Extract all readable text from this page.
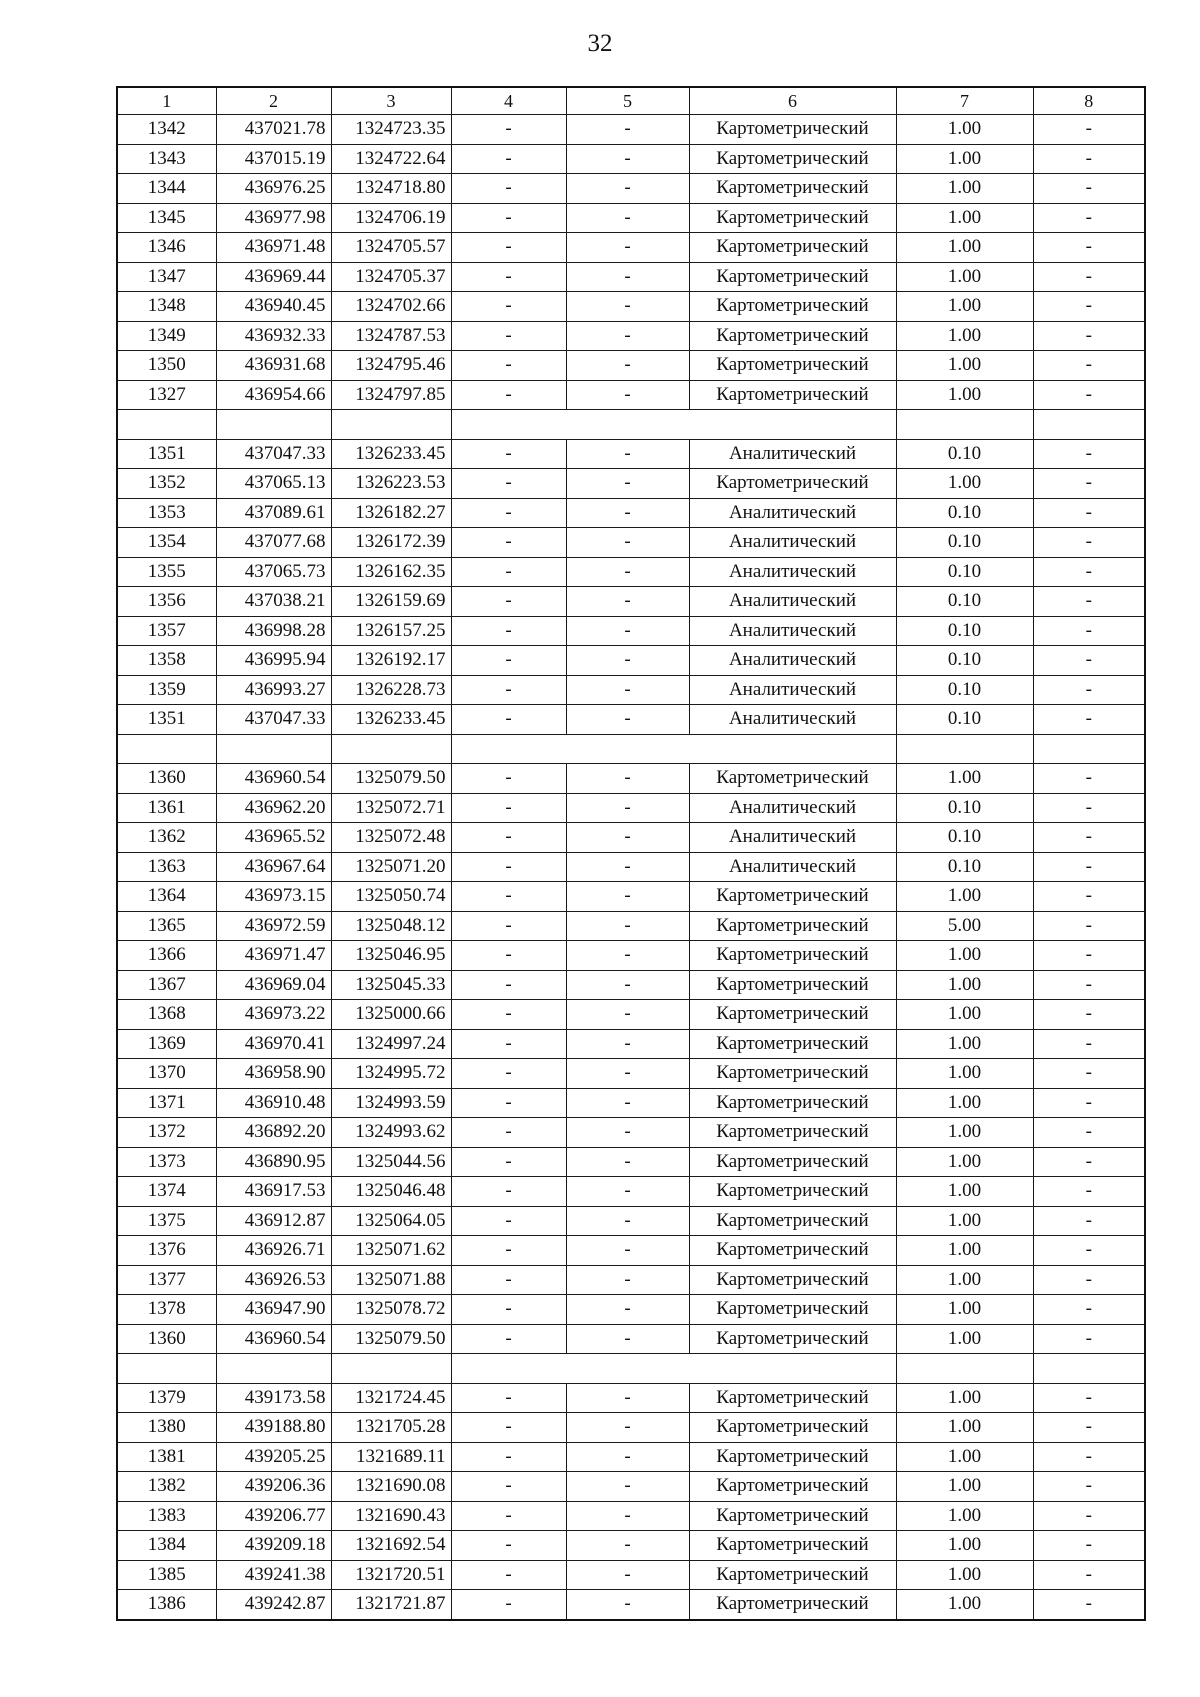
32
1	2	3	4	5	6	7	8
1342	437021.78	1324723.35	-	-	Картометрический	1.00	-
1343	437015.19	1324722.64	-	-	Картометрический	1.00	-
1344	436976.25	1324718.80	-	-	Картометрический	1.00	-
1345	436977.98	1324706.19	-	-	Картометрический	1.00	-
1346	436971.48	1324705.57	-	-	Картометрический	1.00	-
1347	436969.44	1324705.37	-	-	Картометрический	1.00	-
1348	436940.45	1324702.66	-	-	Картометрический	1.00	-
1349	436932.33	1324787.53	-	-	Картометрический	1.00	-
1350	436931.68	1324795.46	-	-	Картометрический	1.00	-
1327	436954.66	1324797.85	-	-	Картометрический	1.00	-

1351	437047.33	1326233.45	-	-	Аналитический	0.10	-
1352	437065.13	1326223.53	-	-	Картометрический	1.00	-
1353	437089.61	1326182.27	-	-	Аналитический	0.10	-
1354	437077.68	1326172.39	-	-	Аналитический	0.10	-
1355	437065.73	1326162.35	-	-	Аналитический	0.10	-
1356	437038.21	1326159.69	-	-	Аналитический	0.10	-
1357	436998.28	1326157.25	-	-	Аналитический	0.10	-
1358	436995.94	1326192.17	-	-	Аналитический	0.10	-
1359	436993.27	1326228.73	-	-	Аналитический	0.10	-
1351	437047.33	1326233.45	-	-	Аналитический	0.10	-

1360	436960.54	1325079.50	-	-	Картометрический	1.00	-
1361	436962.20	1325072.71	-	-	Аналитический	0.10	-
1362	436965.52	1325072.48	-	-	Аналитический	0.10	-
1363	436967.64	1325071.20	-	-	Аналитический	0.10	-
1364	436973.15	1325050.74	-	-	Картометрический	1.00	-
1365	436972.59	1325048.12	-	-	Картометрический	5.00	-
1366	436971.47	1325046.95	-	-	Картометрический	1.00	-
1367	436969.04	1325045.33	-	-	Картометрический	1.00	-
1368	436973.22	1325000.66	-	-	Картометрический	1.00	-
1369	436970.41	1324997.24	-	-	Картометрический	1.00	-
1370	436958.90	1324995.72	-	-	Картометрический	1.00	-
1371	436910.48	1324993.59	-	-	Картометрический	1.00	-
1372	436892.20	1324993.62	-	-	Картометрический	1.00	-
1373	436890.95	1325044.56	-	-	Картометрический	1.00	-
1374	436917.53	1325046.48	-	-	Картометрический	1.00	-
1375	436912.87	1325064.05	-	-	Картометрический	1.00	-
1376	436926.71	1325071.62	-	-	Картометрический	1.00	-
1377	436926.53	1325071.88	-	-	Картометрический	1.00	-
1378	436947.90	1325078.72	-	-	Картометрический	1.00	-
1360	436960.54	1325079.50	-	-	Картометрический	1.00	-

1379	439173.58	1321724.45	-	-	Картометрический	1.00	-
1380	439188.80	1321705.28	-	-	Картометрический	1.00	-
1381	439205.25	1321689.11	-	-	Картометрический	1.00	-
1382	439206.36	1321690.08	-	-	Картометрический	1.00	-
1383	439206.77	1321690.43	-	-	Картометрический	1.00	-
1384	439209.18	1321692.54	-	-	Картометрический	1.00	-
1385	439241.38	1321720.51	-	-	Картометрический	1.00	-
1386	439242.87	1321721.87	-	-	Картометрический	1.00	-
